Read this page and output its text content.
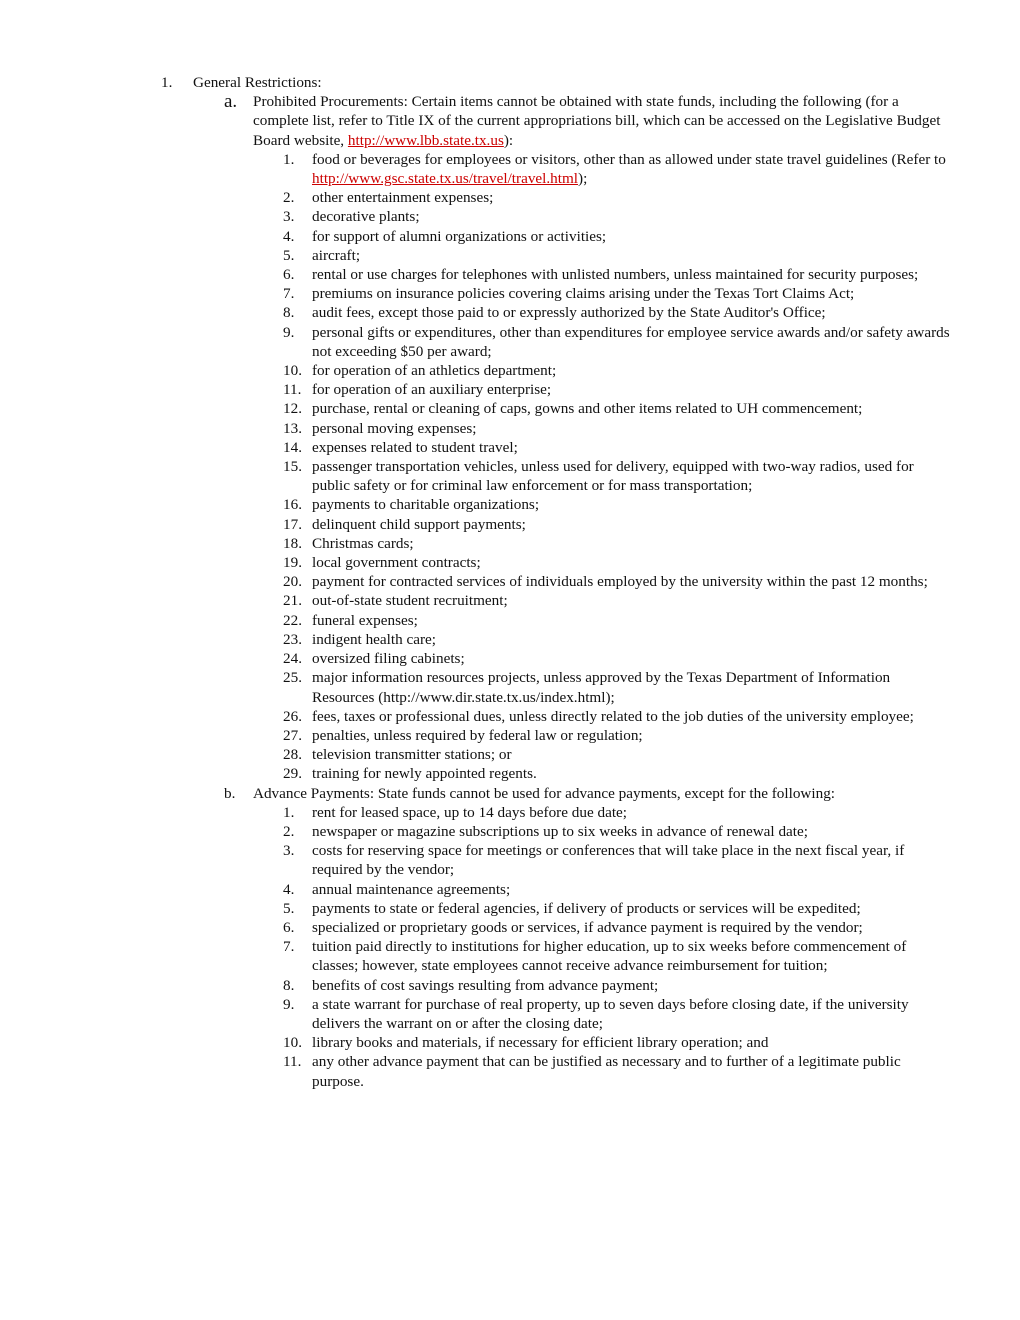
1.	General Restrictions:
a.	Prohibited Procurements: Certain items cannot be obtained with state funds, including the following (for a complete list, refer to Title IX of the current appropriations bill, which can be accessed on the Legislative Budget Board website, http://www.lbb.state.tx.us):
1.	food or beverages for employees or visitors, other than as allowed under state travel guidelines (Refer to http://www.gsc.state.tx.us/travel/travel.html);
2.	other entertainment expenses;
3.	decorative plants;
4.	for support of alumni organizations or activities;
5.	aircraft;
6.	rental or use charges for telephones with unlisted numbers, unless maintained for security purposes;
7.	premiums on insurance policies covering claims arising under the Texas Tort Claims Act;
8.	audit fees, except those paid to or expressly authorized by the State Auditor's Office;
9.	personal gifts or expenditures, other than expenditures for employee service awards and/or safety awards not exceeding $50 per award;
10. for operation of an athletics department;
11. for operation of an auxiliary enterprise;
12. purchase, rental or cleaning of caps, gowns and other items related to UH commencement;
13. personal moving expenses;
14. expenses related to student travel;
15. passenger transportation vehicles, unless used for delivery, equipped with two-way radios, used for public safety or for criminal law enforcement or for mass transportation;
16. payments to charitable organizations;
17. delinquent child support payments;
18. Christmas cards;
19. local government contracts;
20. payment for contracted services of individuals employed by the university within the past 12 months;
21. out-of-state student recruitment;
22. funeral expenses;
23. indigent health care;
24. oversized filing cabinets;
25. major information resources projects, unless approved by the Texas Department of Information Resources (http://www.dir.state.tx.us/index.html);
26. fees, taxes or professional dues, unless directly related to the job duties of the university employee;
27. penalties, unless required by federal law or regulation;
28. television transmitter stations; or
29. training for newly appointed regents.
b.	Advance Payments: State funds cannot be used for advance payments, except for the following:
1.	rent for leased space, up to 14 days before due date;
2.	newspaper or magazine subscriptions up to six weeks in advance of renewal date;
3.	costs for reserving space for meetings or conferences that will take place in the next fiscal year, if required by the vendor;
4.	annual maintenance agreements;
5.	payments to state or federal agencies, if delivery of products or services will be expedited;
6.	specialized or proprietary goods or services, if advance payment is required by the vendor;
7.	tuition paid directly to institutions for higher education, up to six weeks before commencement of classes; however, state employees cannot receive advance reimbursement for tuition;
8.	benefits of cost savings resulting from advance payment;
9.	a state warrant for purchase of real property, up to seven days before closing date, if the university delivers the warrant on or after the closing date;
10. library books and materials, if necessary for efficient library operation; and
11. any other advance payment that can be justified as necessary and to further of a legitimate public purpose.
